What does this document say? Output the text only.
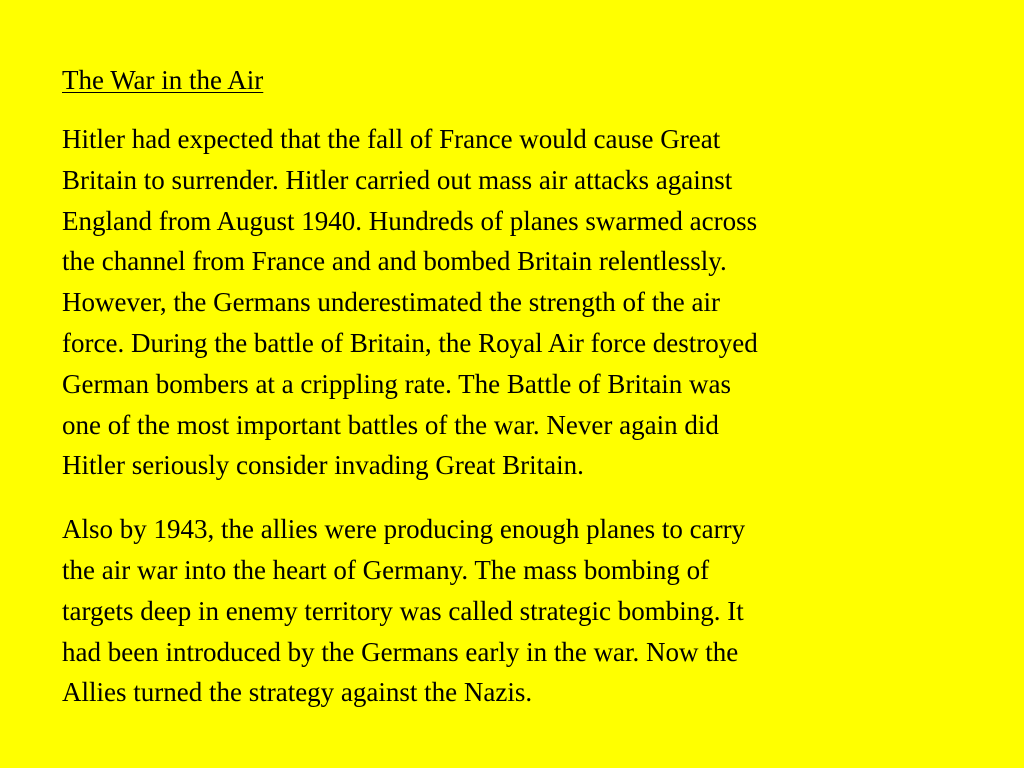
The War in the Air

Hitler had expected that the fall of France would cause Great
Britain to surrender. Hitler carried out mass air attacks against
England from August 1940. Hundreds of planes swarmed across
the channel from France and and bombed Britain relentlessly.
However, the Germans underestimated the strength of the air
force. During the battle of Britain, the Royal Air force destroyed
German bombers at a crippling rate. The Battle of Britain was
one of the most important battles of the war. Never again did
Hitler seriously consider invading Great Britain.

Also by 1943, the allies were producing enough planes to carry
the air war into the heart of Germany. The mass bombing of
targets deep in enemy territory was called strategic bombing. It
had been introduced by the Germans early in the war. Now the
Allies turned the strategy against the Nazis.
